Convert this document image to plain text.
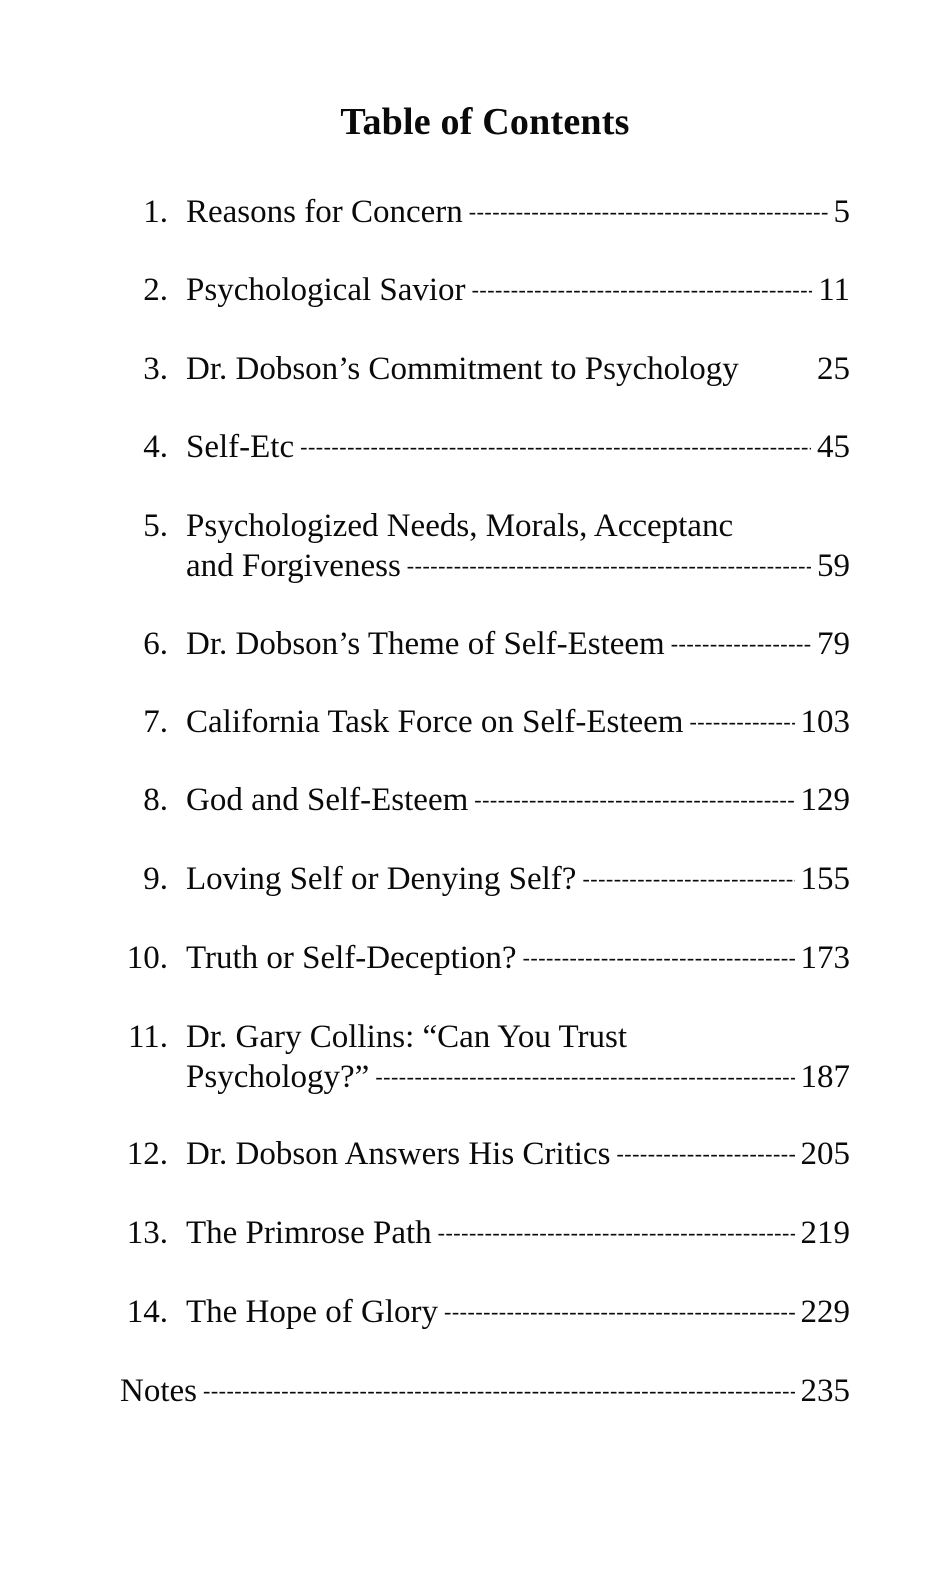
Table of Contents
1. Reasons for Concern -----	5
2. Psychological Savior -----	11
3. Dr. Dobson’s Commitment to Psychology 25
4. Self-Etc -----	45
5. Psychologized Needs, Morals, Acceptanc
and Forgiveness -----	59
6. Dr. Dobson’s Theme of Self-Esteem -----	79
7. California Task Force on Self-Esteem -----	103
8. God and Self-Esteem -----	129
9. Loving Self or Denying Self? -----	155
10. Truth or Self-Deception? -----	173
11. Dr. Gary Collins: “Can You Trust
Psychology?” -----	187
12. Dr. Dobson Answers His Critics -----	205
13. The Primrose Path -----	219
14. The Hope of Glory -----	229
Notes -----	235
